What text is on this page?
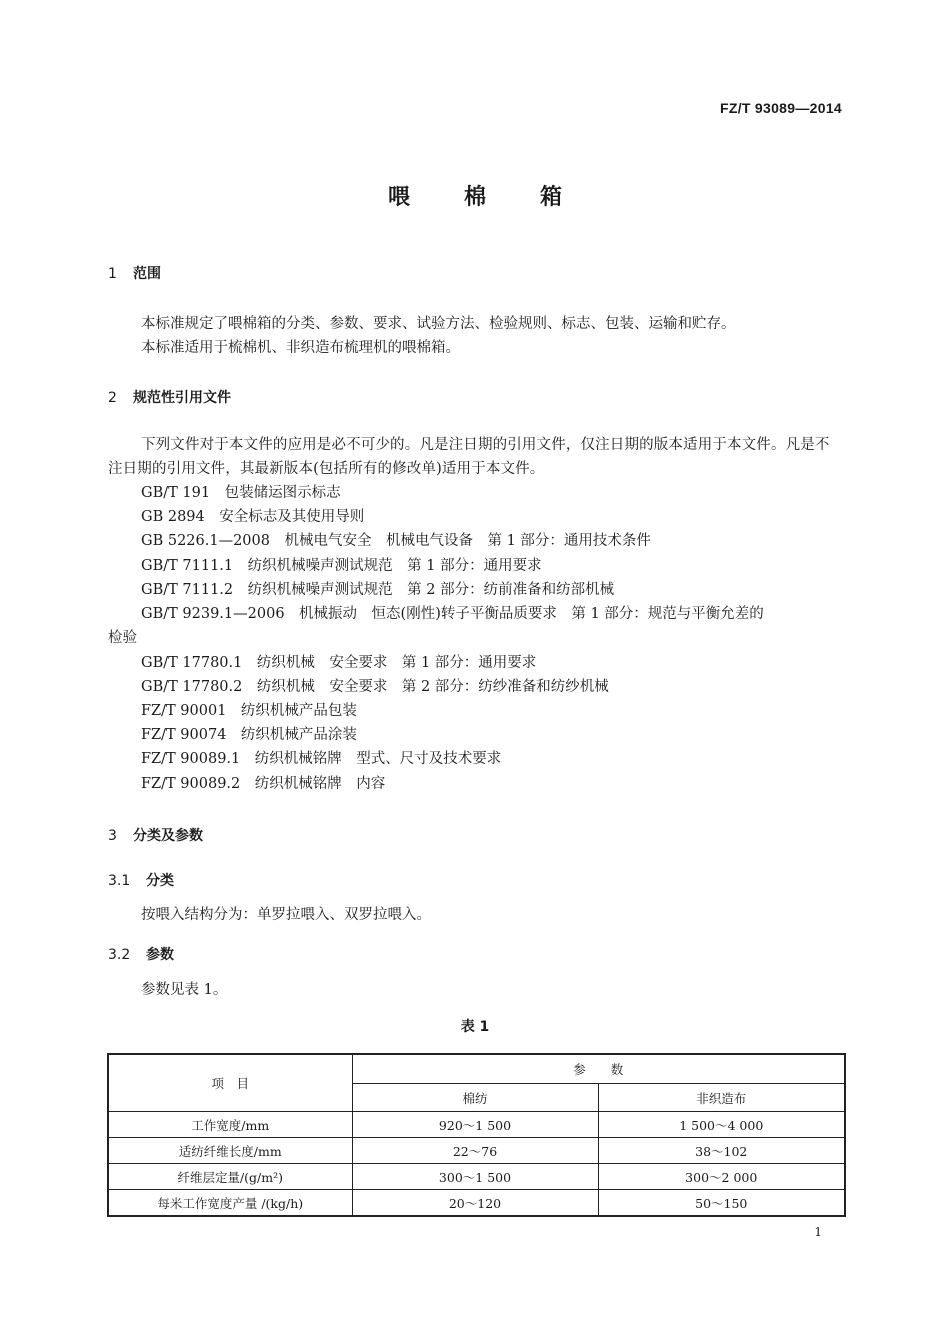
FZ/T 93089—2014
喂 棉 箱
1 范围
本标准规定了喂棉箱的分类、参数、要求、试验方法、检验规则、标志、包装、运输和贮存。
本标准适用于梳棉机、非织造布梳理机的喂棉箱。
2 规范性引用文件
下列文件对于本文件的应用是必不可少的。凡是注日期的引用文件，仅注日期的版本适用于本文件。凡是不注日期的引用文件，其最新版本(包括所有的修改单)适用于本文件。
GB/T 191　包装储运图示标志
GB 2894　安全标志及其使用导则
GB 5226.1—2008　机械电气安全　机械电气设备　第 1 部分：通用技术条件
GB/T 7111.1　纺织机械噪声测试规范　第 1 部分：通用要求
GB/T 7111.2　纺织机械噪声测试规范　第 2 部分：纺前准备和纺部机械
GB/T 9239.1—2006　机械振动　恒态(刚性)转子平衡品质要求　第 1 部分：规范与平衡允差的
检验
GB/T 17780.1　纺织机械　安全要求　第 1 部分：通用要求
GB/T 17780.2　纺织机械　安全要求　第 2 部分：纺纱准备和纺纱机械
FZ/T 90001　纺织机械产品包装
FZ/T 90074　纺织机械产品涂装
FZ/T 90089.1　纺织机械铭牌　型式、尺寸及技术要求
FZ/T 90089.2　纺织机械铭牌　内容
3 分类及参数
3.1 分类
按喂入结构分为：单罗拉喂入、双罗拉喂入。
3.2 参数
参数见表 1。
表 1
项　目	参　　数	
	棉纺	非织造布
工作宽度/mm	920～1 500	1 500～4 000
适纺纤维长度/mm	22～76	38～102
纤维层定量/(g/m²)	300～1 500	300～2 000
每米工作宽度产量 /(kg/h)	20～120	50～150
1
